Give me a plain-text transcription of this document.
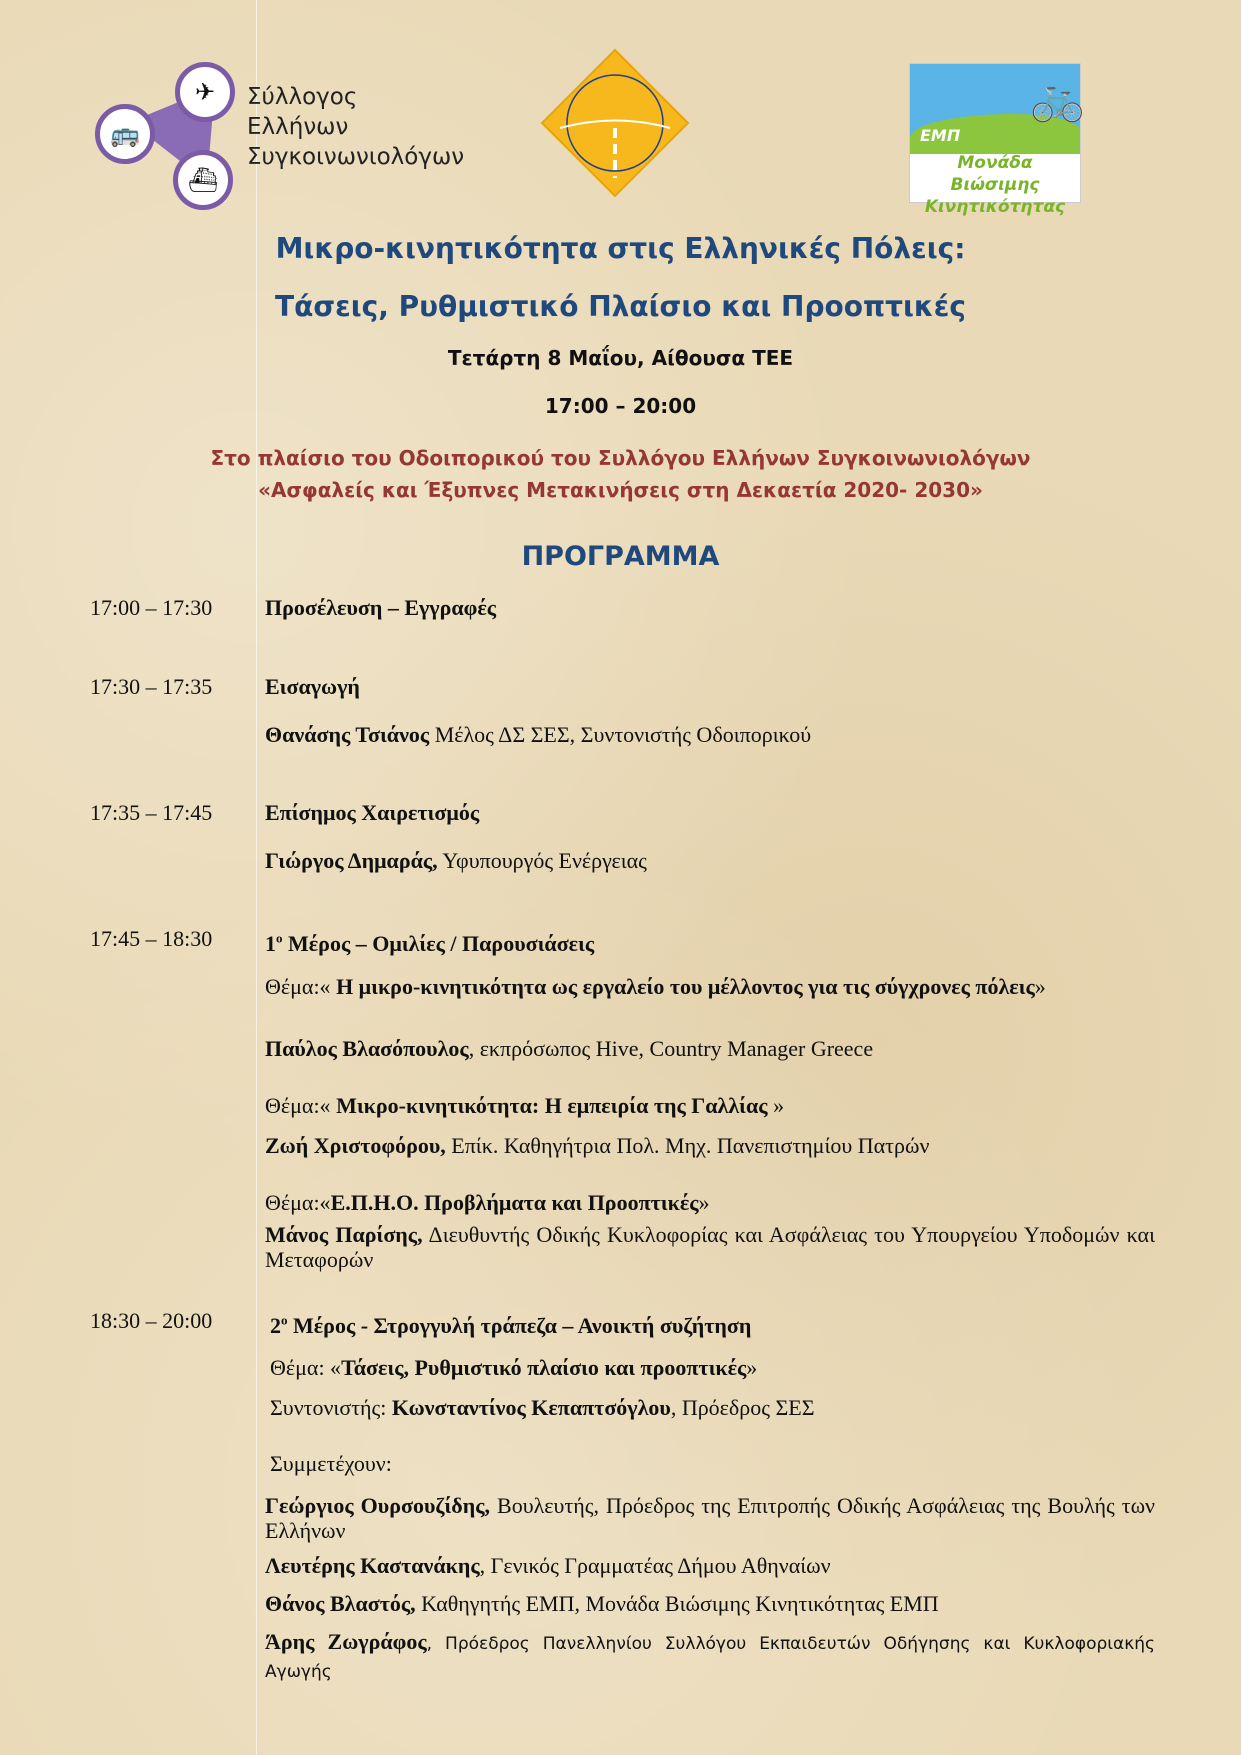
🚌
✈
⛴
Σύλλογος
Ελλήνων
Συγκοινωνιολόγων
🚲
ΕΜΠ
Μονάδα Βιώσιμης
Κινητικότητας
Μικρο-κινητικότητα στις Ελληνικές Πόλεις:
Τάσεις, Ρυθμιστικό Πλαίσιο και Προοπτικές
Τετάρτη 8 Μαΐου, Αίθουσα ΤΕΕ
17:00 – 20:00
Στο πλαίσιο του Οδοιπορικού του Συλλόγου Ελλήνων Συγκοινωνιολόγων
«Ασφαλείς και Έξυπνες Μετακινήσεις στη Δεκαετία 2020- 2030»
ΠΡΟΓΡΑΜΜΑ
17:00 – 17:30 Προσέλευση – Εγγραφές
17:30 – 17:35 Εισαγωγή
Θανάσης Τσιάνος Μέλος ΔΣ ΣΕΣ, Συντονιστής Οδοιπορικού
17:35 – 17:45 Επίσημος Χαιρετισμός
Γιώργος Δημαράς, Υφυπουργός Ενέργειας
17:45 – 18:30 $1^o$ Μέρος – Ομιλίες / Παρουσιάσεις
Θέμα:« Η μικρο-κινητικότητα ως εργαλείο του μέλλοντος για τις σύγχρονες πόλεις»
Παύλος Βλασόπουλος, εκπρόσωπος Hive, Country Manager Greece
Θέμα:« Μικρο-κινητικότητα: Η εμπειρία της Γαλλίας »
Ζωή Χριστοφόρου, Επίκ. Καθηγήτρια Πολ. Μηχ. Πανεπιστημίου Πατρών
Θέμα:«Ε.Π.Η.Ο. Προβλήματα και Προοπτικές»
Μάνος Παρίσης, Διευθυντής Οδικής Κυκλοφορίας και Ασφάλειας του Υπουργείου Υποδομών και Μεταφορών
18:30 – 20:00	$2^o$ Μέρος - Στρογγυλή τράπεζα – Ανοικτή συζήτηση
Θέμα: «Τάσεις, Ρυθμιστικό πλαίσιο και προοπτικές»
Συντονιστής: Κωνσταντίνος Κεπαπτσόγλου, Πρόεδρος ΣΕΣ
Συμμετέχουν:
Γεώργιος Ουρσουζίδης, Βουλευτής, Πρόεδρος της Επιτροπής Οδικής Ασφάλειας της Βουλής των Ελλήνων
Λευτέρης Καστανάκης, Γενικός Γραμματέας Δήμου Αθηναίων
Θάνος Βλαστός, Καθηγητής ΕΜΠ, Μονάδα Βιώσιμης Κινητικότητας ΕΜΠ
Άρης Ζωγράφος, Πρόεδρος Πανελληνίου Συλλόγου Εκπαιδευτών Οδήγησης και Κυκλοφοριακής Αγωγής
